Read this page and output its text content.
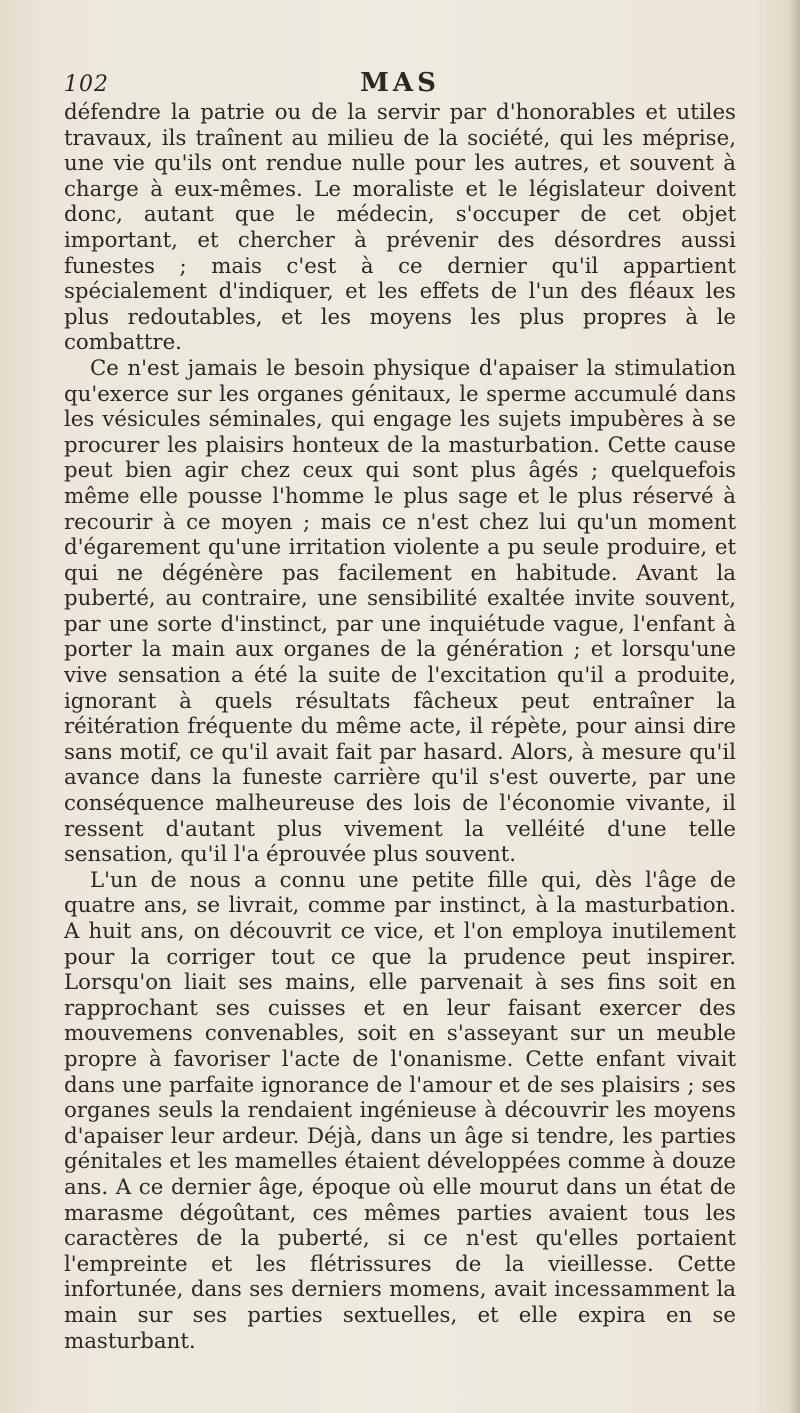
102	MAS

défendre la patrie ou de la servir par d'honorables et utiles travaux, ils traînent au milieu de la société, qui les méprise, une vie qu'ils ont rendue nulle pour les autres, et souvent à charge à eux-mêmes. Le moraliste et le législateur doivent donc, autant que le médecin, s'occuper de cet objet important, et chercher à prévenir des désordres aussi funestes ; mais c'est à ce dernier qu'il appartient spécialement d'indiquer, et les effets de l'un des fléaux les plus redoutables, et les moyens les plus propres à le combattre.

Ce n'est jamais le besoin physique d'apaiser la stimulation qu'exerce sur les organes génitaux, le sperme accumulé dans les vésicules séminales, qui engage les sujets impubères à se procurer les plaisirs honteux de la masturbation. Cette cause peut bien agir chez ceux qui sont plus âgés ; quelquefois même elle pousse l'homme le plus sage et le plus réservé à recourir à ce moyen ; mais ce n'est chez lui qu'un moment d'égarement qu'une irritation violente a pu seule produire, et qui ne dégénère pas facilement en habitude. Avant la puberté, au contraire, une sensibilité exaltée invite souvent, par une sorte d'instinct, par une inquiétude vague, l'enfant à porter la main aux organes de la génération ; et lorsqu'une vive sensation a été la suite de l'excitation qu'il a produite, ignorant à quels résultats fâcheux peut entraîner la réitération fréquente du même acte, il répète, pour ainsi dire sans motif, ce qu'il avait fait par hasard. Alors, à mesure qu'il avance dans la funeste carrière qu'il s'est ouverte, par une conséquence malheureuse des lois de l'économie vivante, il ressent d'autant plus vivement la velléité d'une telle sensation, qu'il l'a éprouvée plus souvent.

L'un de nous a connu une petite fille qui, dès l'âge de quatre ans, se livrait, comme par instinct, à la masturbation. A huit ans, on découvrit ce vice, et l'on employa inutilement pour la corriger tout ce que la prudence peut inspirer. Lorsqu'on liait ses mains, elle parvenait à ses fins soit en rapprochant ses cuisses et en leur faisant exercer des mouvemens convenables, soit en s'asseyant sur un meuble propre à favoriser l'acte de l'onanisme. Cette enfant vivait dans une parfaite ignorance de l'amour et de ses plaisirs ; ses organes seuls la rendaient ingénieuse à découvrir les moyens d'apaiser leur ardeur. Déjà, dans un âge si tendre, les parties génitales et les mamelles étaient développées comme à douze ans. A ce dernier âge, époque où elle mourut dans un état de marasme dégoûtant, ces mêmes parties avaient tous les caractères de la puberté, si ce n'est qu'elles portaient l'empreinte et les flétrissures de la vieillesse. Cette infortunée, dans ses derniers momens, avait incessamment la main sur ses parties sextuelles, et elle expira en se masturbant.
